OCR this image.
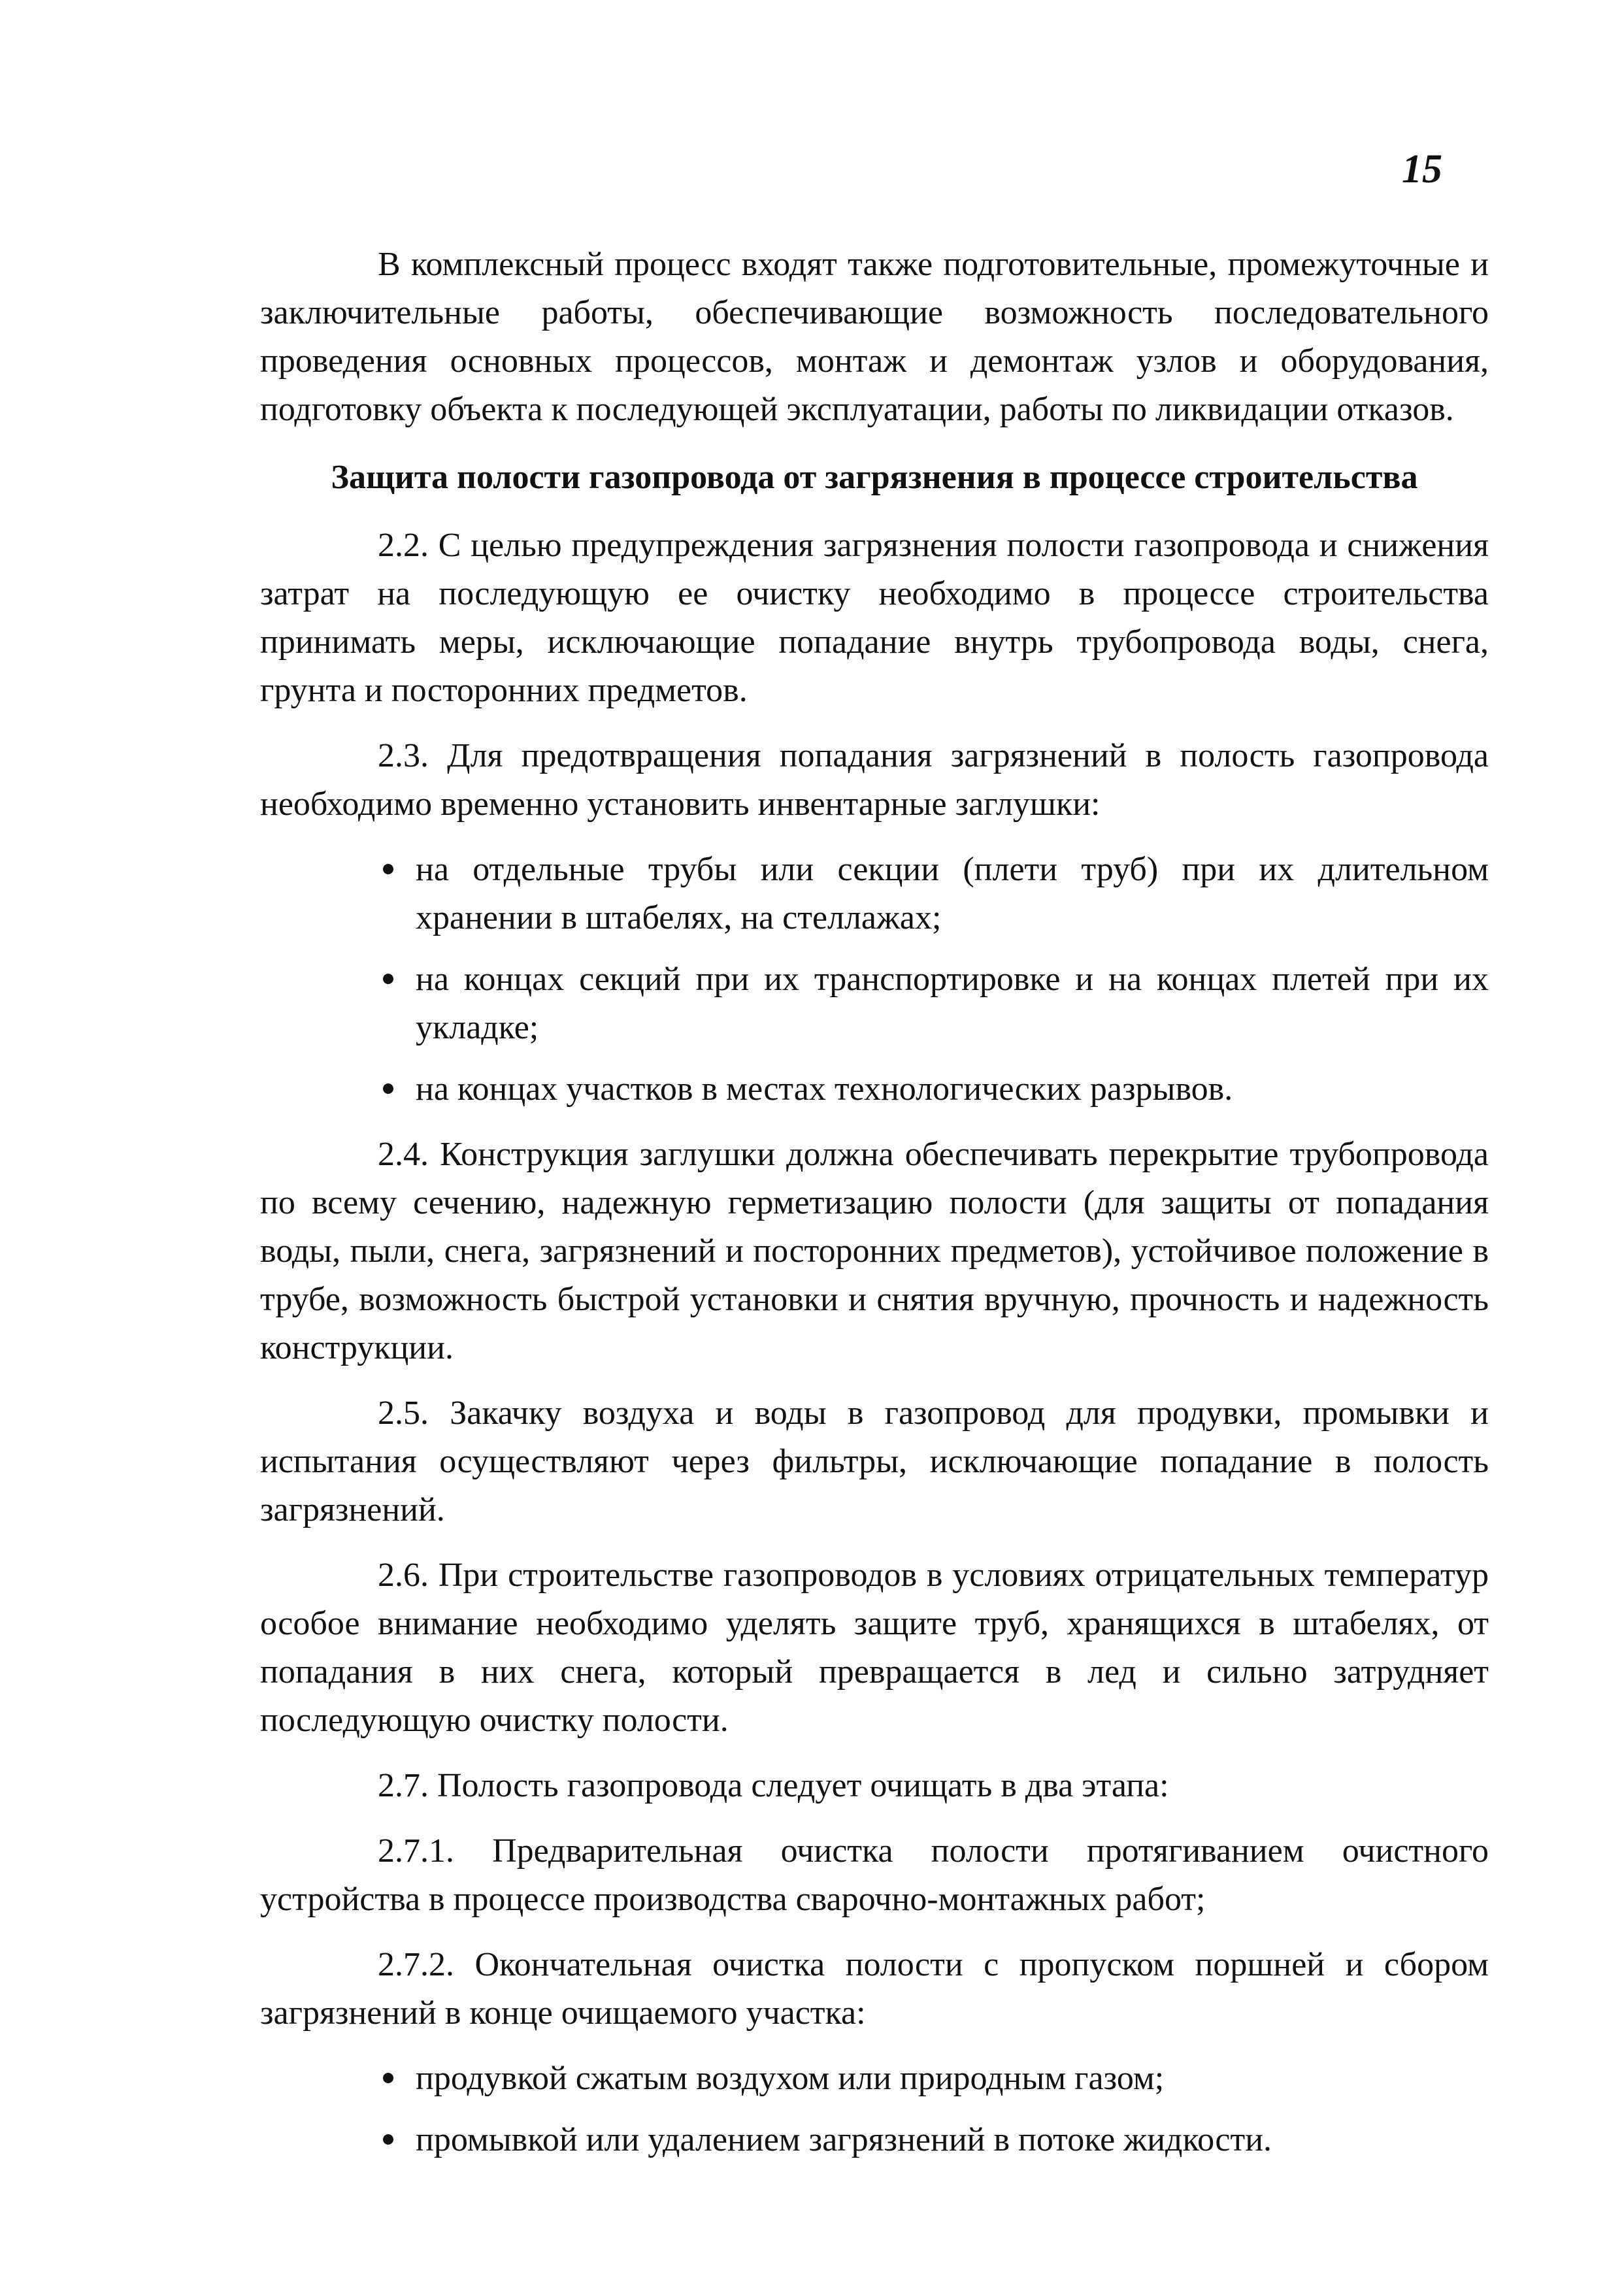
15

В комплексный процесс входят также подготовительные, промежуточные и заключительные работы, обеспечивающие возможность последовательного проведения основных процессов, монтаж и демонтаж узлов и оборудования, подготовку объекта к последующей эксплуатации, работы по ликвидации отказов.

Защита полости газопровода от загрязнения в процессе строительства

2.2. С целью предупреждения загрязнения полости газопровода и снижения затрат на последующую ее очистку необходимо в процессе строительства принимать меры, исключающие попадание внутрь трубопровода воды, снега, грунта и посторонних предметов.

2.3. Для предотвращения попадания загрязнений в полость газопровода необходимо временно установить инвентарные заглушки:

на отдельные трубы или секции (плети труб) при их длительном хранении в штабелях, на стеллажах;
на концах секций при их транспортировке и на концах плетей при их укладке;
на концах участков в местах технологических разрывов.

2.4. Конструкция заглушки должна обеспечивать перекрытие трубопровода по всему сечению, надежную герметизацию полости (для защиты от попадания воды, пыли, снега, загрязнений и посторонних предметов), устойчивое положение в трубе, возможность быстрой установки и снятия вручную, прочность и надежность конструкции.

2.5. Закачку воздуха и воды в газопровод для продувки, промывки и испытания осуществляют через фильтры, исключающие попадание в полость загрязнений.

2.6. При строительстве газопроводов в условиях отрицательных температур особое внимание необходимо уделять защите труб, хранящихся в штабелях, от попадания в них снега, который превращается в лед и сильно затрудняет последующую очистку полости.

2.7. Полость газопровода следует очищать в два этапа:

2.7.1. Предварительная очистка полости протягиванием очистного устройства в процессе производства сварочно-монтажных работ;

2.7.2. Окончательная очистка полости с пропуском поршней и сбором загрязнений в конце очищаемого участка:

продувкой сжатым воздухом или природным газом;
промывкой или удалением загрязнений в потоке жидкости.
